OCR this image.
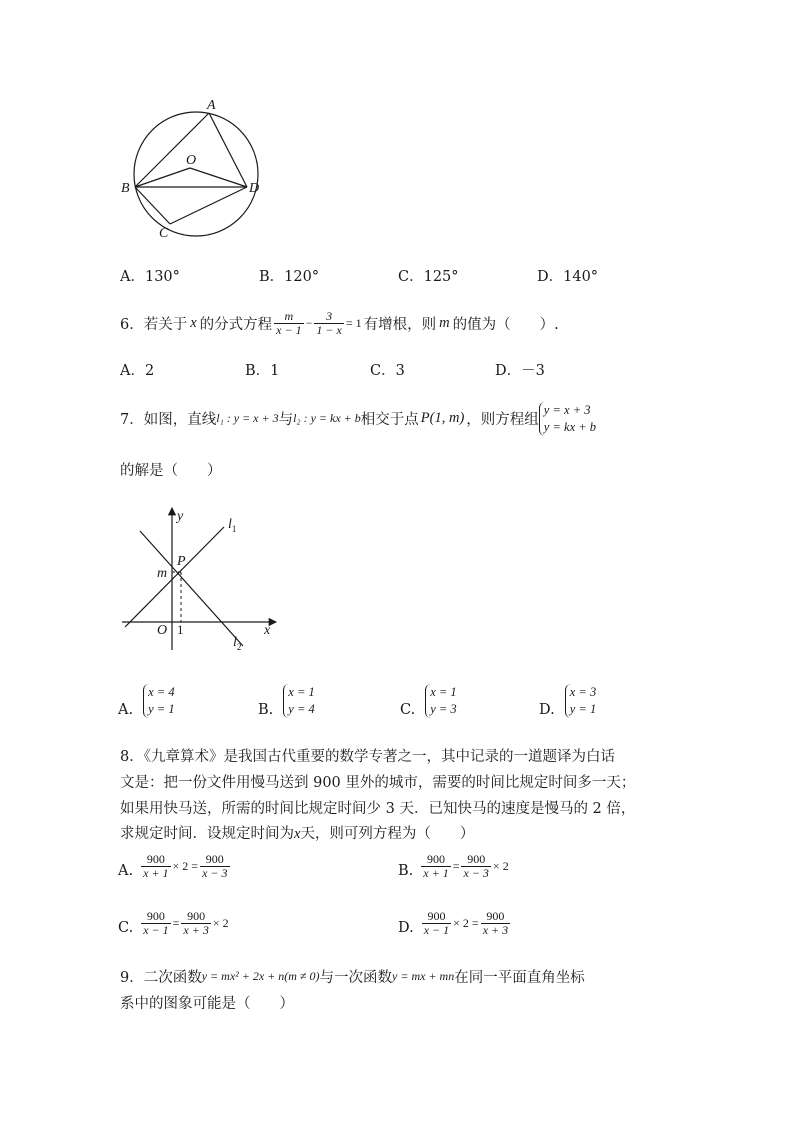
A
O
B	D
C
A．130°	B．120°	C．125°	D．140°
6． 若关于 x 的分式方程 $\frac{m}{x - 1} - \frac{3}{1 - x} = 1$ 有增根，则 m 的值为（　　）.
A．2	B．1	C．3	D．－3
7． 如图，直线 l₁ : y = x + 3 与 l₂ : y = kx + b 相交于点 P(1, m) ，则方程组
y = x + 3
y = kx + b
的解是（　　）
y
x
$l_1$
$l_2$
P
m
O 1
A.
x = 4
y = 1	B.
x = 1
y = 4	C.
x = 1
y = 3	D.
x = 3
y = 1
8．《九章算术》是我国古代重要的数学专著之一，其中记录的一道题译为白话
文是：把一份文件用慢马送到 900 里外的城市，需要的时间比规定时间多一天；
如果用快马送，所需的时间比规定时间少 3 天．已知快马的速度是慢马的 2 倍，
求规定时间．设规定时间为x天，则可列方程为（　　）
A. $\frac{900}{x + 1} \times 2 = \frac{900}{x - 3}$	B. $\frac{900}{x + 1} = \frac{900}{x - 3} \times 2$
C. $\frac{900}{x - 1} = \frac{900}{x + 3} \times 2$	D. $\frac{900}{x - 1} \times 2 = \frac{900}{x + 3}$
9． 二次函数 y = mx² + 2x + n(m ≠ 0) 与一次函数 y = mx + mn 在同一平面直角坐标
系中的图象可能是（　　）
